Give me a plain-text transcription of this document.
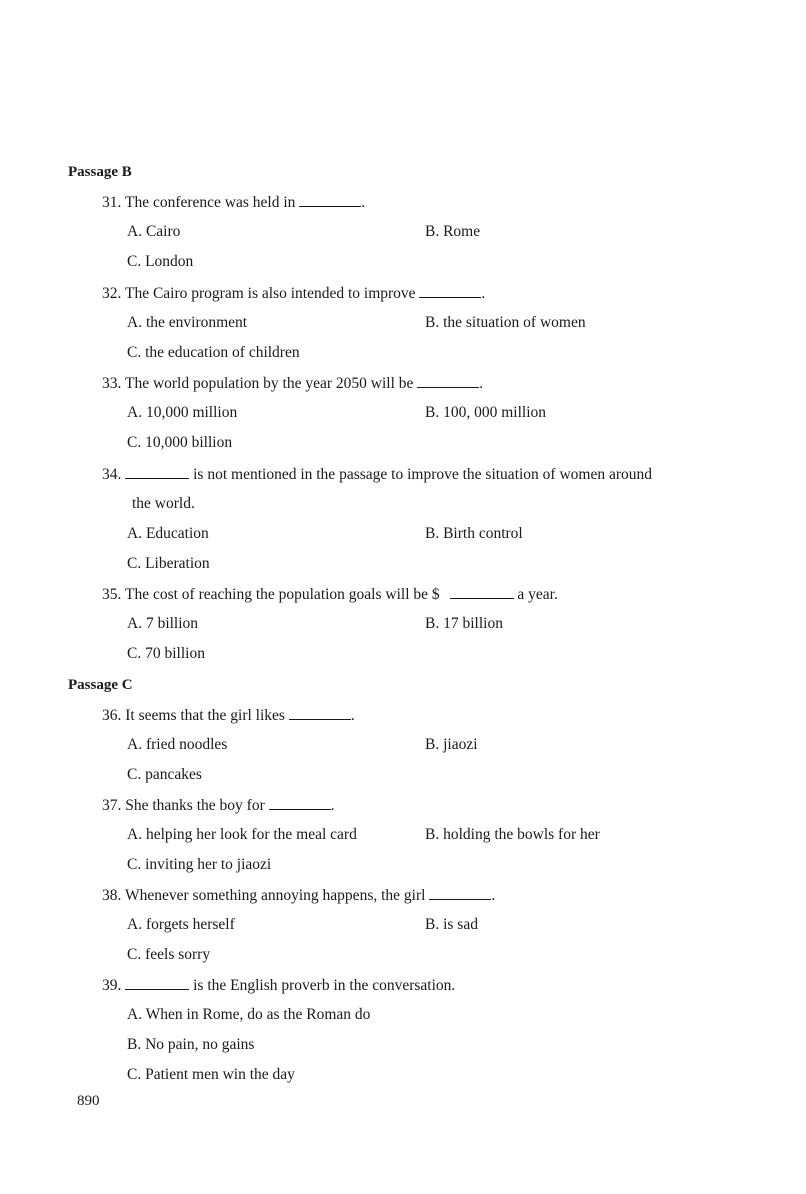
Passage B
31. The conference was held in	.
A. Cairo	B. Rome
C. London
32. The Cairo program is also intended to improve	.
A. the environment	B. the situation of women
C. the education of children
33. The world population by the year 2050 will be	.
A. 10,000 million	B. 100, 000 million
C. 10,000 billion
34.	is not mentioned in the passage to improve the situation of women around
the world.
A. Education	B. Birth control
C. Liberation
35. The cost of reaching the population goals will be $	a year.
A. 7 billion	B. 17 billion
C. 70 billion
Passage C
36. It seems that the girl likes	.
A. fried noodles	B. jiaozi
C. pancakes
37. She thanks the boy for	.
A. helping her look for the meal card	B. holding the bowls for her
C. inviting her to jiaozi
38. Whenever something annoying happens, the girl	.
A. forgets herself	B. is sad
C. feels sorry
39.	is the English proverb in the conversation.
A. When in Rome, do as the Roman do
B. No pain, no gains
C. Patient men win the day
890
